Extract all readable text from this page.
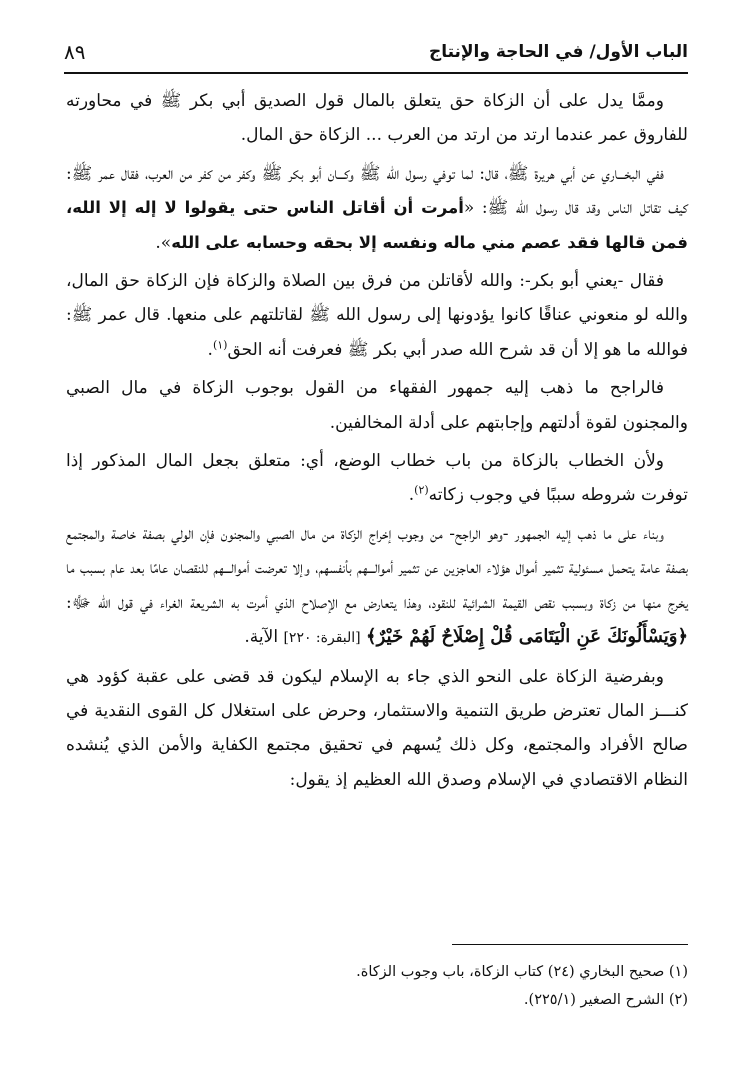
الباب الأول/ في الحاجة والإنتاج
٨٩

وممَّا يدل على أن الزكاة حق يتعلق بالمال قول الصديق أبي بكر ﷺ في محاورته للفاروق عمر عندما ارتد من ارتد من العرب ... الزكاة حق المال.

ففي البخـــاري عن أبي هريرة ﷺ، قال: لما توفي رسول الله ﷺ وكـــان أبو بكر ﷺ وكفر من كفر من العرب، فقال عمر ﷺ: كيف تقاتل الناس وقد قال رسول الله ﷺ: «أمرت أن أقاتل الناس حتى يقولوا لا إله إلا الله، فمن قالها فقد عصم مني ماله ونفسه إلا بحقه وحسابه على الله».

فقال -يعني أبو بكر-: والله لأقاتلن من فرق بين الصلاة والزكاة فإن الزكاة حق المال، والله لو منعوني عناقًا كانوا يؤدونها إلى رسول الله ﷺ لقاتلتهم على منعها. قال عمر ﷺ: فوالله ما هو إلا أن قد شرح الله صدر أبي بكر ﷺ فعرفت أنه الحق$^{(١)}$.

فالراجح ما ذهب إليه جمهور الفقهاء من القول بوجوب الزكاة في مال الصبي والمجنون لقوة أدلتهم وإجابتهم على أدلة المخالفين.

ولأن الخطاب بالزكاة من باب خطاب الوضع، أي: متعلق بجعل المال المذكور إذا توفرت شروطه سببًا في وجوب زكاته$^{(٢)}$.

وبناء على ما ذهب إليه الجمهور -وهو الراجح- من وجوب إخراج الزكاة من مال الصبي والمجنون فإن الولي بصفة خاصة والمجتمع بصفة عامة يتحمل مسئولية تثمير أموال هؤلاء العاجزين عن تثمير أموالـــهم بأنفسهم، وإلا تعرضت أموالـــهم للنقصان عامًا بعد عام بسبب ما يخرج منها من زكاة وبسبب نقص القيمة الشرائية للنقود، وهذا يتعارض مع الإصلاح الذي أمرت به الشريعة الغراء في قول الله ﷻ: ﴿وَيَسْأَلُونَكَ عَنِ الْيَتَامَى قُلْ إِصْلَاحٌ لَهُمْ خَيْرٌ﴾ [البقرة: ٢٢٠] الآية.

وبفرضية الزكاة على النحو الذي جاء به الإسلام ليكون قد قضى على عقبة كؤود هي كنـــز المال تعترض طريق التنمية والاستثمار، وحرض على استغلال كل القوى النقدية في صالح الأفراد والمجتمع، وكل ذلك يُسهم في تحقيق مجتمع الكفاية والأمن الذي يُنشده النظام الاقتصادي في الإسلام وصدق الله العظيم إذ يقول:

(١) صحيح البخاري (٢٤) كتاب الزكاة، باب وجوب الزكاة.

(٢) الشرح الصغير (٢٢٥/١).
